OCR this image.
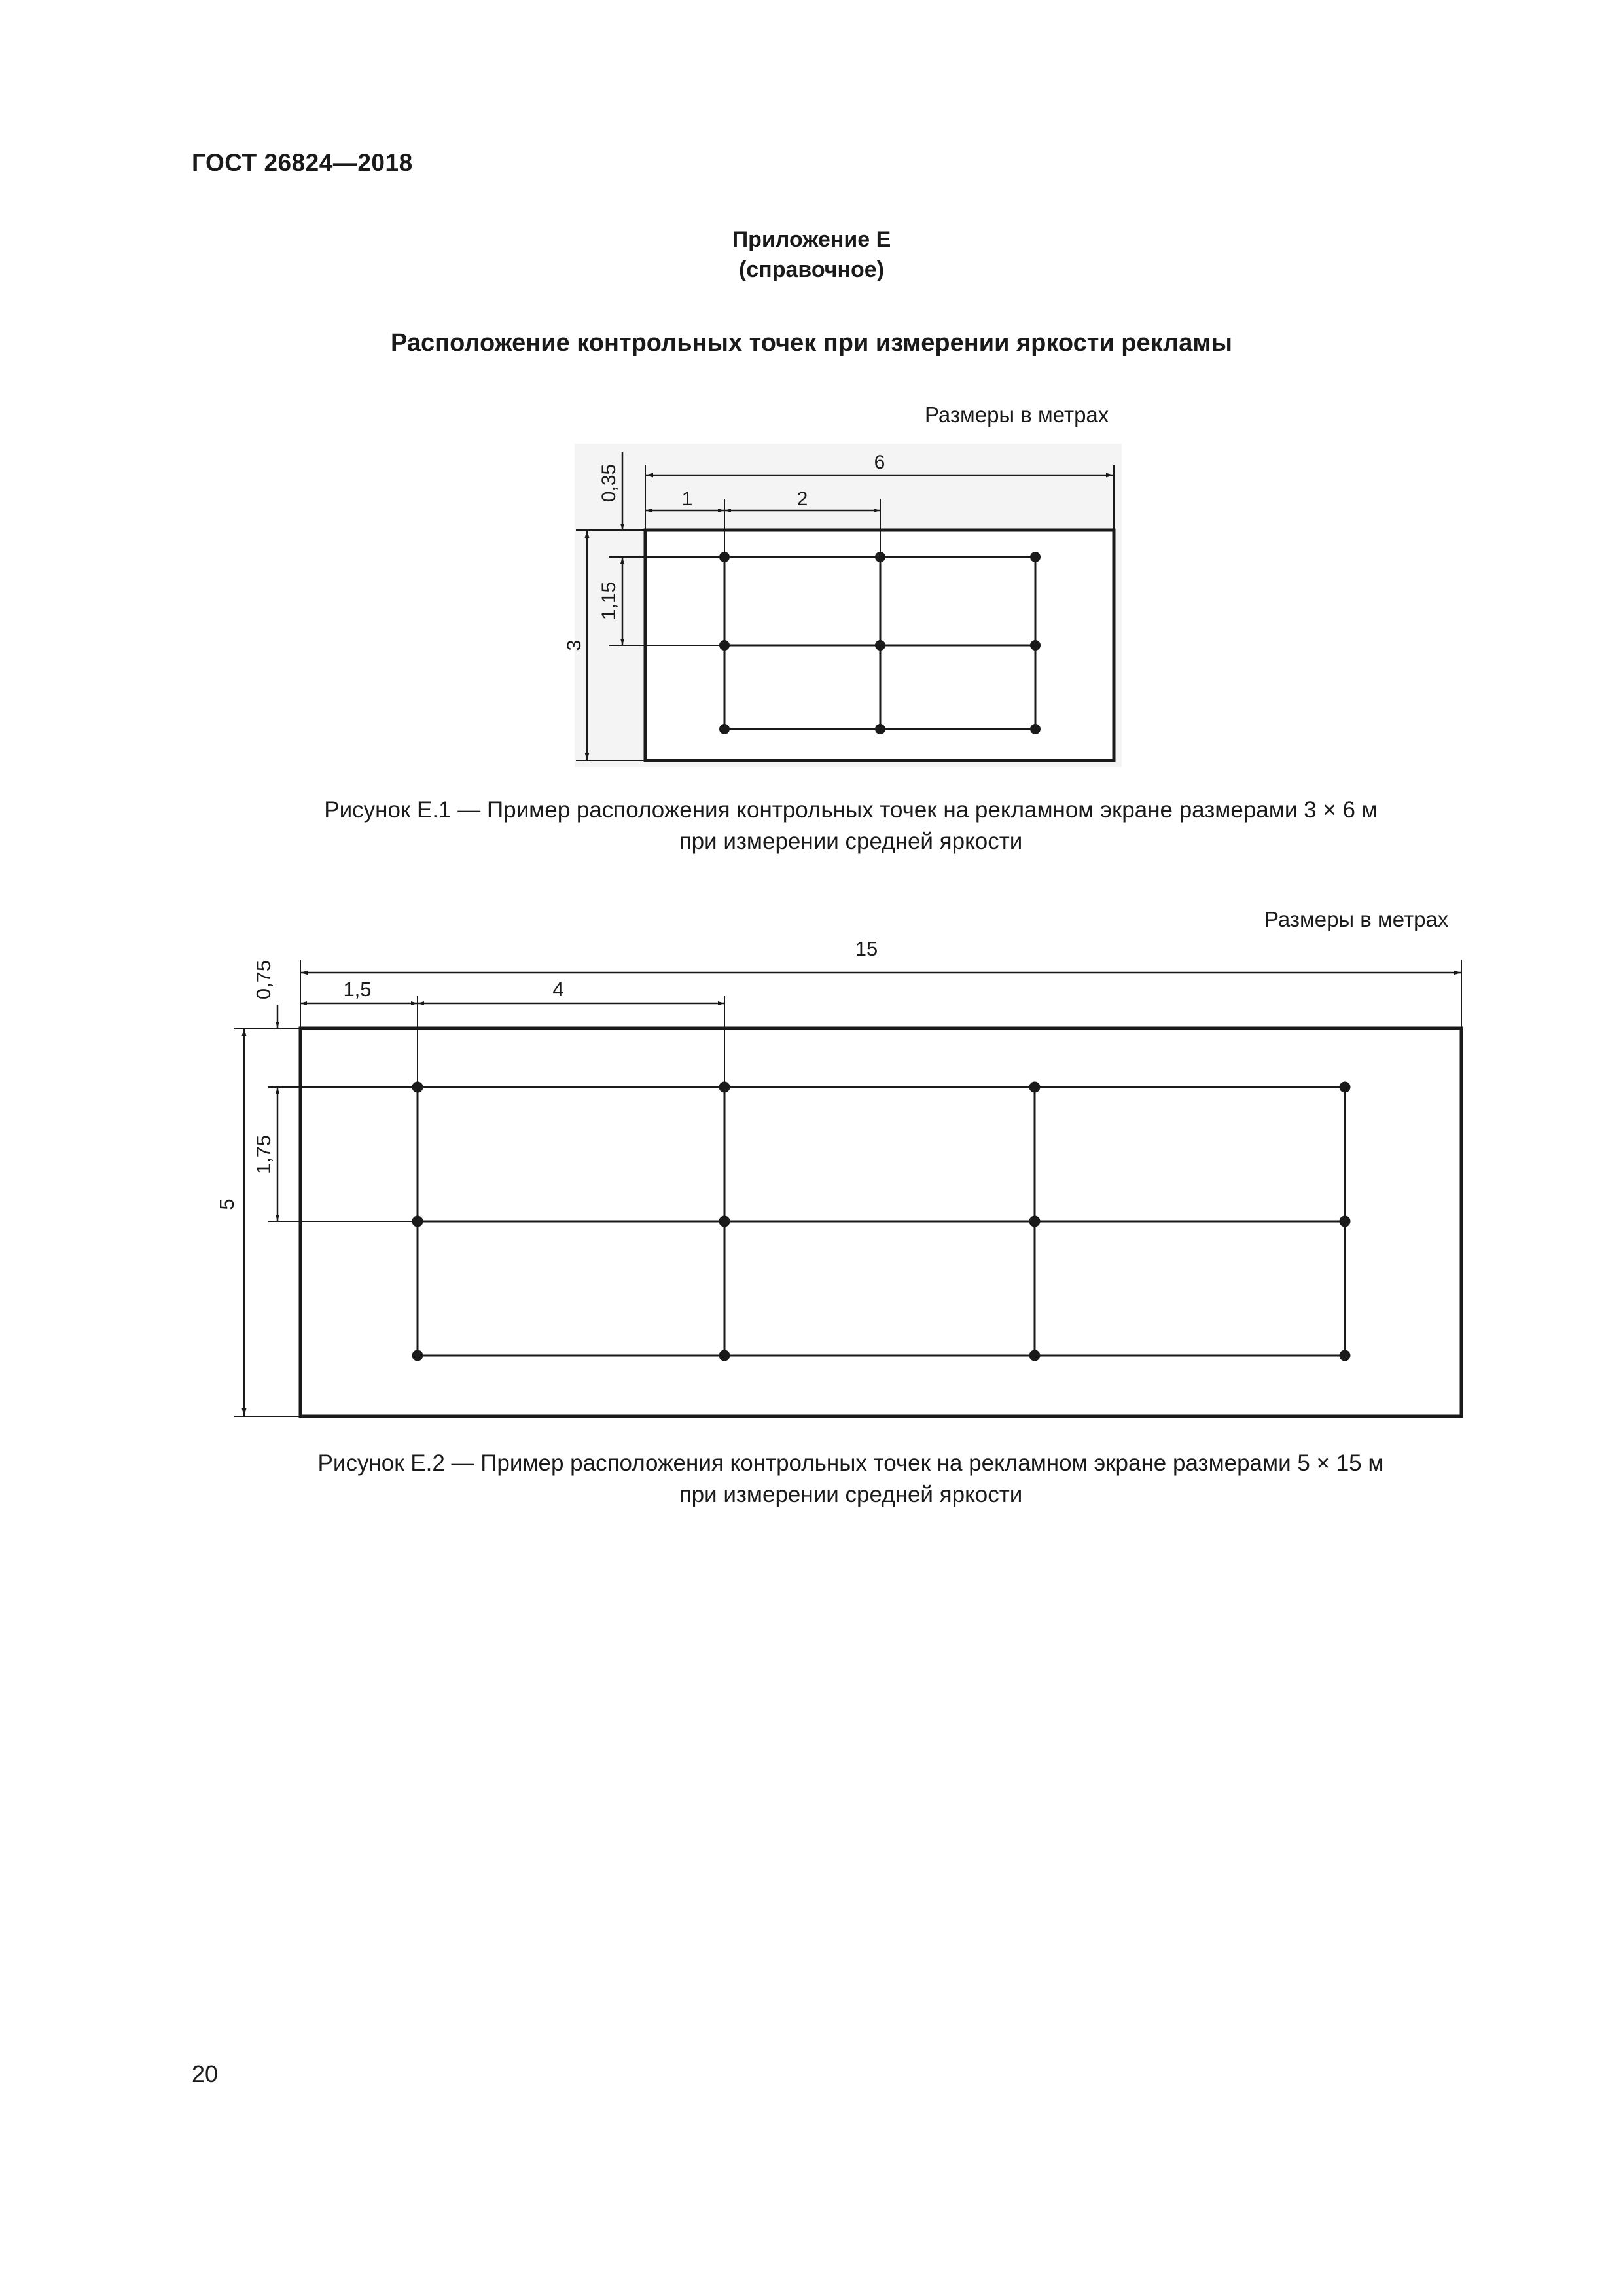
ГОСТ 26824—2018
Приложение Е
(справочное)
Расположение контрольных точек при измерении яркости рекламы
Размеры в метрах
6
1	2
0,35
1,15
3
Рисунок Е.1 — Пример расположения контрольных точек на рекламном экране размерами 3 × 6 м
при измерении средней яркости
Размеры в метрах
15
1,5	4
0,75
1,75
5
Рисунок Е.2 — Пример расположения контрольных точек на рекламном экране размерами 5 × 15 м
при измерении средней яркости
20
